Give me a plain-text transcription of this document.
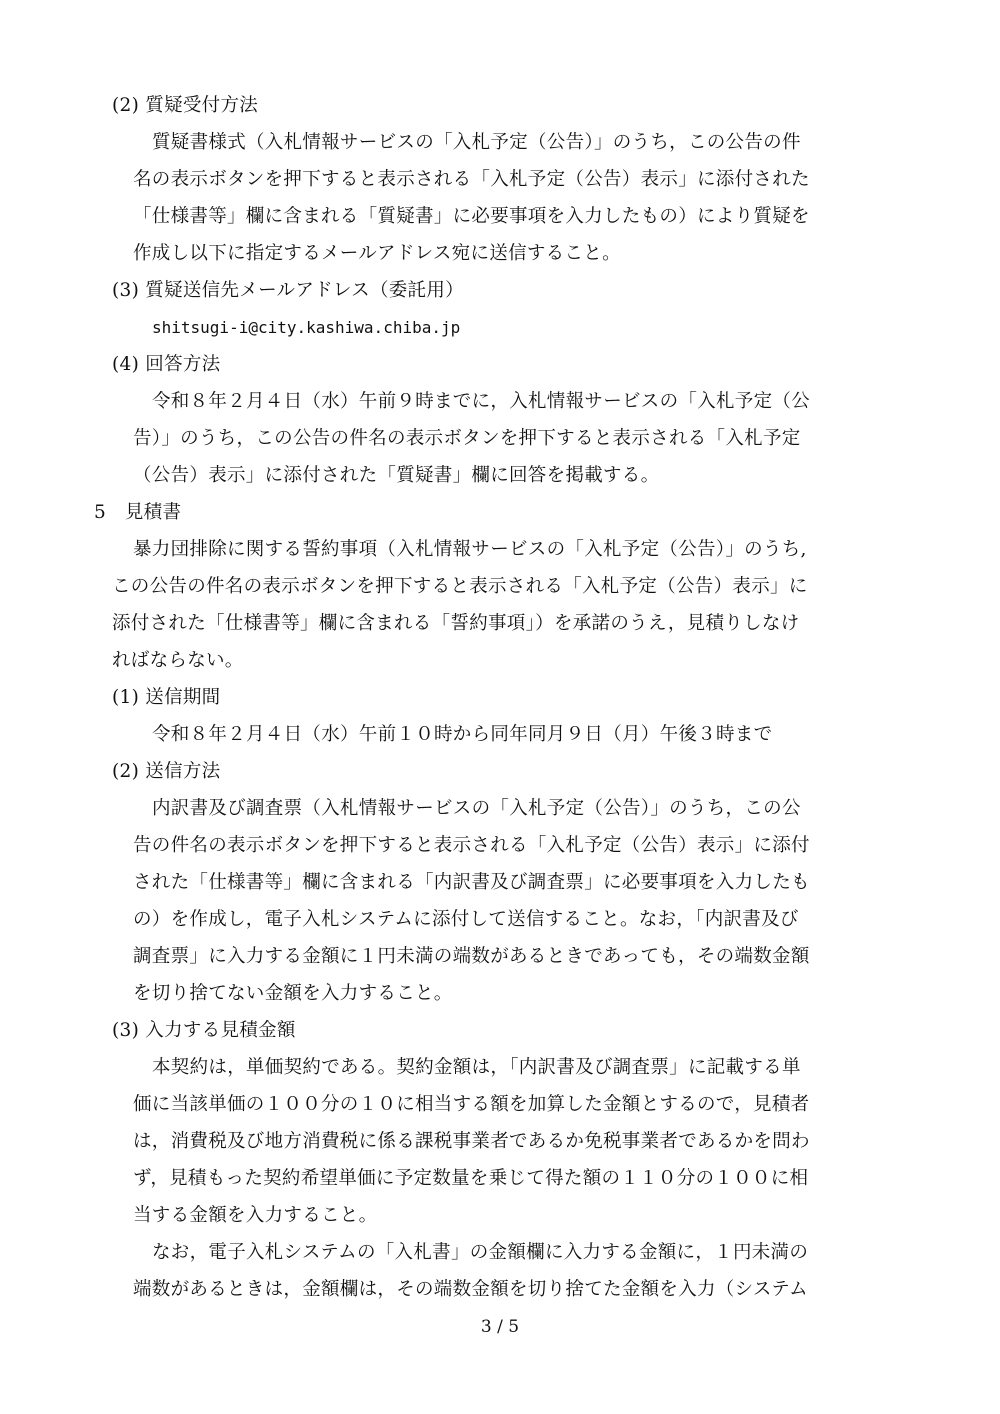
(2) 質疑受付方法
質疑書様式（入札情報サービスの「入札予定（公告）」のうち，この公告の件
名の表示ボタンを押下すると表示される「入札予定（公告）表示」に添付された
「仕様書等」欄に含まれる「質疑書」に必要事項を入力したもの）により質疑を
作成し以下に指定するメールアドレス宛に送信すること。
(3) 質疑送信先メールアドレス（委託用）
shitsugi-i@city.kashiwa.chiba.jp
(4) 回答方法
令和８年２月４日（水）午前９時までに，入札情報サービスの「入札予定（公
告）」のうち，この公告の件名の表示ボタンを押下すると表示される「入札予定
（公告）表示」に添付された「質疑書」欄に回答を掲載する。
5　見積書
暴力団排除に関する誓約事項（入札情報サービスの「入札予定（公告）」のうち,
この公告の件名の表示ボタンを押下すると表示される「入札予定（公告）表示」に
添付された「仕様書等」欄に含まれる「誓約事項」）を承諾のうえ，見積りしなけ
ればならない。
(1) 送信期間
令和８年２月４日（水）午前１０時から同年同月９日（月）午後３時まで
(2) 送信方法
内訳書及び調査票（入札情報サービスの「入札予定（公告）」のうち，この公
告の件名の表示ボタンを押下すると表示される「入札予定（公告）表示」に添付
された「仕様書等」欄に含まれる「内訳書及び調査票」に必要事項を入力したも
の）を作成し，電子入札システムに添付して送信すること。なお，「内訳書及び
調査票」に入力する金額に１円未満の端数があるときであっても，その端数金額
を切り捨てない金額を入力すること。
(3) 入力する見積金額
本契約は，単価契約である。契約金額は，「内訳書及び調査票」に記載する単
価に当該単価の１００分の１０に相当する額を加算した金額とするので，見積者
は，消費税及び地方消費税に係る課税事業者であるか免税事業者であるかを問わ
ず，見積もった契約希望単価に予定数量を乗じて得た額の１１０分の１００に相
当する金額を入力すること。
なお，電子入札システムの「入札書」の金額欄に入力する金額に，１円未満の
端数があるときは，金額欄は，その端数金額を切り捨てた金額を入力（システム
3 / 5
